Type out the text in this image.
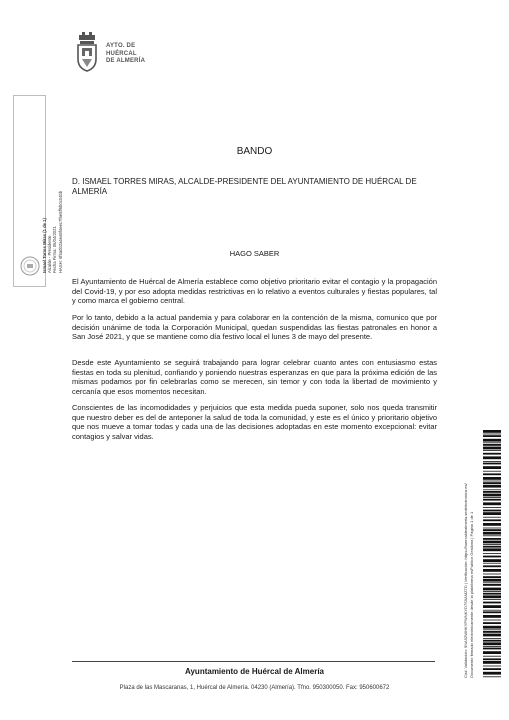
AYTO. DE
HUÉRCAL
DE ALMERÍA
Ismael Torres Miras (1 de 1) Alcalde - Presidente Fecha Firma: 06/04/2021 HASH: 6f5a0b2a4ea9f4eec7f5e5ff6b0c04bb
BANDO
D. ISMAEL TORRES MIRAS, ALCALDE-PRESIDENTE DEL AYUNTAMIENTO DE HUÉRCAL DE ALMERÍA
HAGO SABER
El Ayuntamiento de Huércal de Almería establece como objetivo prioritario evitar el contagio y la propagación del Covid-19, y por eso adopta medidas restrictivas en lo relativo a eventos culturales y fiestas populares, tal y como marca el gobierno central.
Por lo tanto, debido a la actual pandemia y para colaborar en la contención de la misma, comunico que por decisión unánime de toda la Corporación Municipal, quedan suspendidas las fiestas patronales en honor a San José 2021, y que se mantiene como día festivo local el lunes 3 de mayo del presente.
Desde este Ayuntamiento se seguirá trabajando para lograr celebrar cuanto antes con entusiasmo estas fiestas en toda su plenitud, confiando y poniendo nuestras esperanzas en que para la próxima edición de las mismas podamos por fin celebrarlas como se merecen, sin temor y con toda la libertad de movimiento y cercanía que esos momentos necesitan.
Conscientes de las incomodidades y perjuicios que esta medida pueda suponer, solo nos queda transmitir que nuestro deber es del de anteponer la salud de toda la comunidad, y este es el único y prioritario objetivo que nos mueve a tomar todas y cada una de las decisiones adoptadas en este momento excepcional: evitar contagios y salvar vidas.
Cód. Validación: 9NA9ZWHKYPWNKYD7S9AMZ7D | Verificación: https://huercaldealmeria.sedelectronica.es/ Documento firmado electrónicamente desde la plataforma esPublico Gestiona | Página 1 de 1
Ayuntamiento de Huércal de Almería
Plaza de las Mascaranas, 1, Huércal de Almería. 04230 (Almería). Tfno. 950300050. Fax: 950600672
